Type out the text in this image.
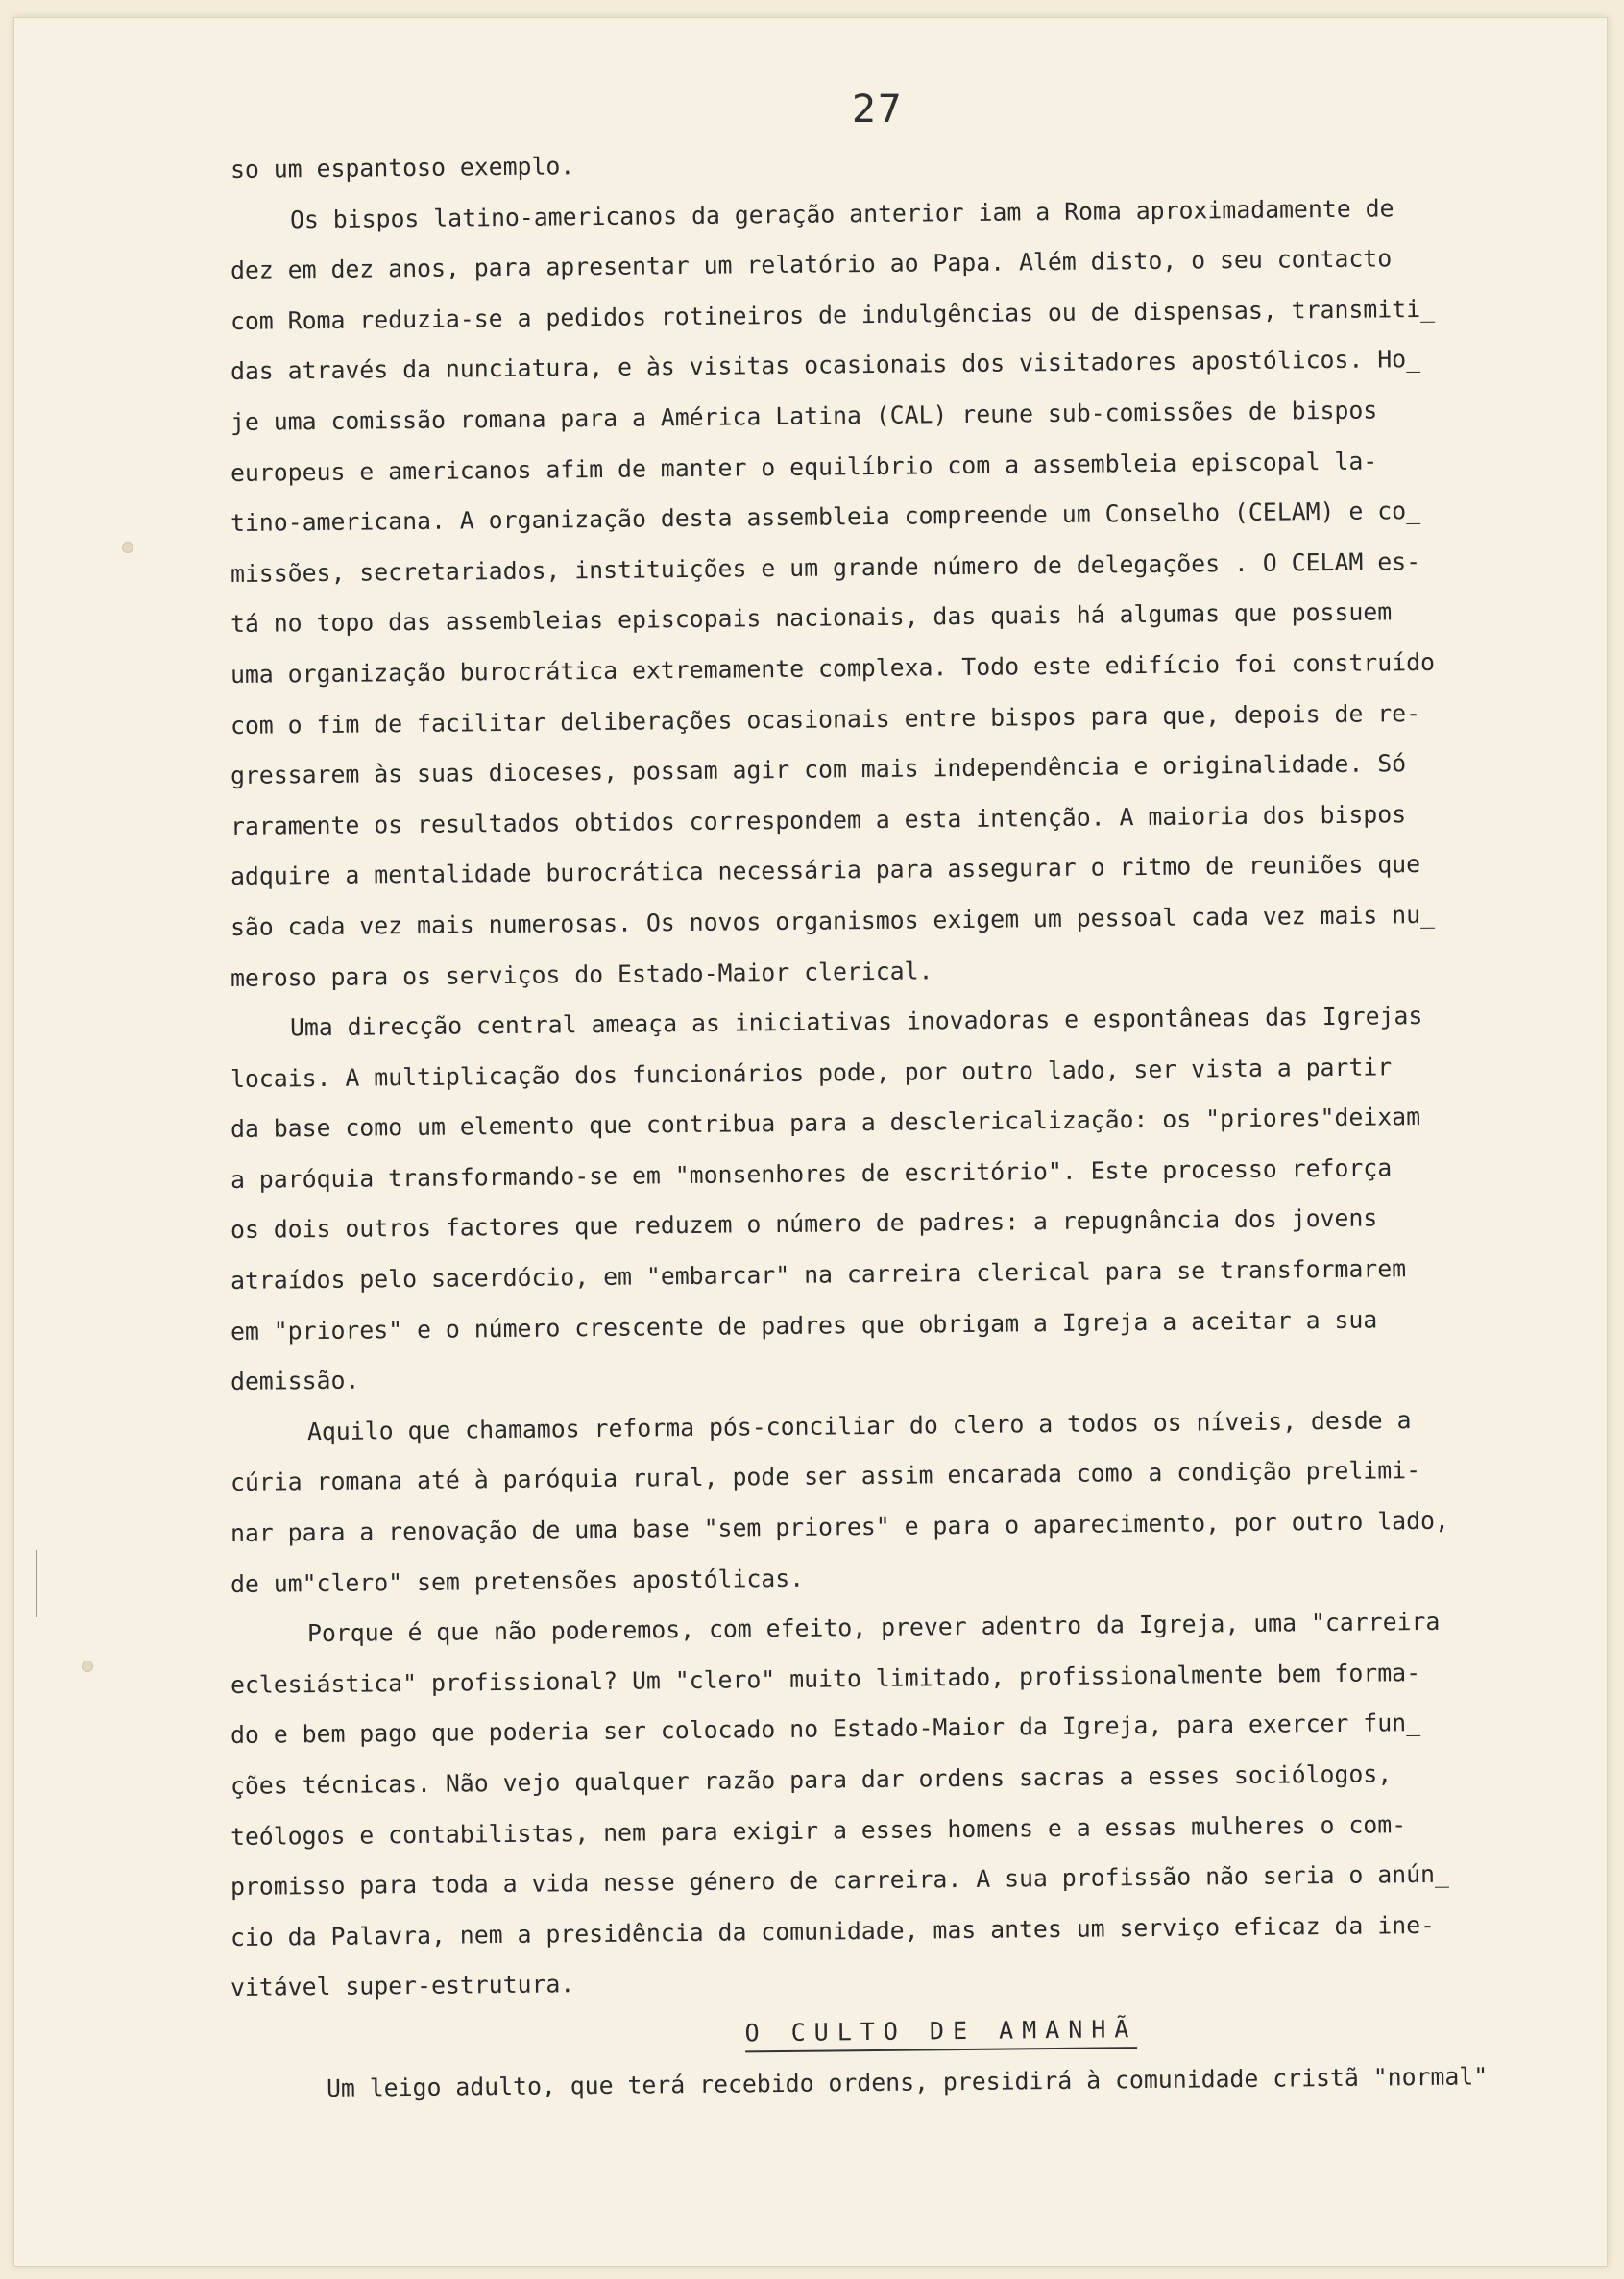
27
so um espantoso exemplo.
Os bispos latino-americanos da geração anterior iam a Roma aproximadamente de
dez em dez anos, para apresentar um relatório ao Papa. Além disto, o seu contacto
com Roma reduzia-se a pedidos rotineiros de indulgências ou de dispensas, transmiti_
das através da nunciatura, e às visitas ocasionais dos visitadores apostólicos. Ho_
je uma comissão romana para a América Latina (CAL) reune sub-comissões de bispos
europeus e americanos afim de manter o equilíbrio com a assembleia episcopal la-
tino-americana. A organização desta assembleia compreende um Conselho (CELAM) e co_
missões, secretariados, instituições e um grande número de delegações . O CELAM es-
tá no topo das assembleias episcopais nacionais, das quais há algumas que possuem
uma organização burocrática extremamente complexa. Todo este edifício foi construído
com o fim de facilitar deliberações ocasionais entre bispos para que, depois de re-
gressarem às suas dioceses, possam agir com mais independência e originalidade. Só
raramente os resultados obtidos correspondem a esta intenção. A maioria dos bispos
adquire a mentalidade burocrática necessária para assegurar o ritmo de reuniões que
são cada vez mais numerosas. Os novos organismos exigem um pessoal cada vez mais nu_
meroso para os serviços do Estado-Maior clerical.
Uma direcção central ameaça as iniciativas inovadoras e espontâneas das Igrejas
locais. A multiplicação dos funcionários pode, por outro lado, ser vista a partir
da base como um elemento que contribua para a desclericalização: os "priores"deixam
a paróquia transformando-se em "monsenhores de escritório". Este processo reforça
os dois outros factores que reduzem o número de padres: a repugnância dos jovens
atraídos pelo sacerdócio, em "embarcar" na carreira clerical para se transformarem
em "priores" e o número crescente de padres que obrigam a Igreja a aceitar a sua
demissão.
Aquilo que chamamos reforma pós-conciliar do clero a todos os níveis, desde a
cúria romana até à paróquia rural, pode ser assim encarada como a condição prelimi-
nar para a renovação de uma base "sem priores" e para o aparecimento, por outro lado,
de um"clero" sem pretensões apostólicas.
Porque é que não poderemos, com efeito, prever adentro da Igreja, uma "carreira
eclesiástica" profissional? Um "clero" muito limitado, profissionalmente bem forma-
do e bem pago que poderia ser colocado no Estado-Maior da Igreja, para exercer fun_
ções técnicas. Não vejo qualquer razão para dar ordens sacras a esses sociólogos,
teólogos e contabilistas, nem para exigir a esses homens e a essas mulheres o com-
promisso para toda a vida nesse género de carreira. A sua profissão não seria o anún_
cio da Palavra, nem a presidência da comunidade, mas antes um serviço eficaz da ine-
vitável super-estrutura.
O CULTO DE AMANHÃ
Um leigo adulto, que terá recebido ordens, presidirá à comunidade cristã "normal"
